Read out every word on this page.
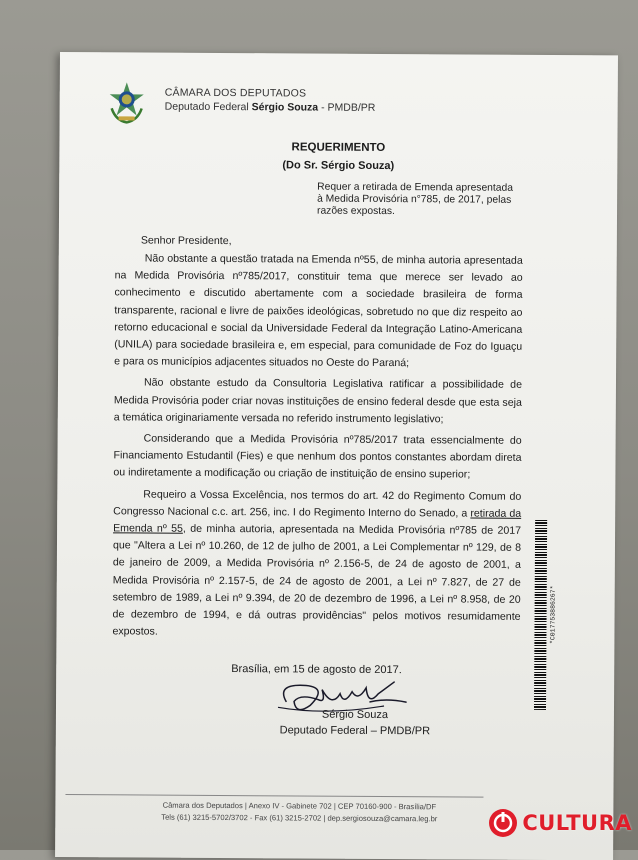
CÂMARA DOS DEPUTADOS
Deputado Federal Sérgio Souza - PMDB/PR
REQUERIMENTO
(Do Sr. Sérgio Souza)
Requer a retirada de Emenda apresentada à Medida Provisória n°785, de 2017, pelas razões expostas.
Senhor Presidente,

Não obstante a questão tratada na Emenda nº55, de minha autoria apresentada na Medida Provisória nº785/2017, constituir tema que merece ser levado ao conhecimento e discutido abertamente com a sociedade brasileira de forma transparente, racional e livre de paixões ideológicas, sobretudo no que diz respeito ao retorno educacional e social da Universidade Federal da Integração Latino-Americana (UNILA) para sociedade brasileira e, em especial, para comunidade de Foz do Iguaçu e para os municípios adjacentes situados no Oeste do Paraná;

Não obstante estudo da Consultoria Legislativa ratificar a possibilidade de Medida Provisória poder criar novas instituições de ensino federal desde que esta seja a temática originariamente versada no referido instrumento legislativo;

Considerando que a Medida Provisória nº785/2017 trata essencialmente do Financiamento Estudantil (Fies) e que nenhum dos pontos constantes abordam direta ou indiretamente a modificação ou criação de instituição de ensino superior;

Requeiro a Vossa Excelência, nos termos do art. 42 do Regimento Comum do Congresso Nacional c.c. art. 256, inc. I do Regimento Interno do Senado, a retirada da Emenda nº 55, de minha autoria, apresentada na Medida Provisória nº785 de 2017 que "Altera a Lei nº 10.260, de 12 de julho de 2001, a Lei Complementar nº 129, de 8 de janeiro de 2009, a Medida Provisória nº 2.156-5, de 24 de agosto de 2001, a Medida Provisória nº 2.157-5, de 24 de agosto de 2001, a Lei nº 7.827, de 27 de setembro de 1989, a Lei nº 9.394, de 20 de dezembro de 1996, a Lei nº 8.958, de 20 de dezembro de 1994, e dá outras providências" pelos motivos resumidamente expostos.	*C017753886267*
Brasília, em 15 de agosto de 2017.
Sérgio Souza
Deputado Federal – PMDB/PR
Câmara dos Deputados | Anexo IV - Gabinete 702 | CEP 70160-900 - Brasília/DF
Tels (61) 3215-5702/3702 - Fax (61) 3215-2702 | dep.sergiosouza@camara.leg.br	CULTURA
